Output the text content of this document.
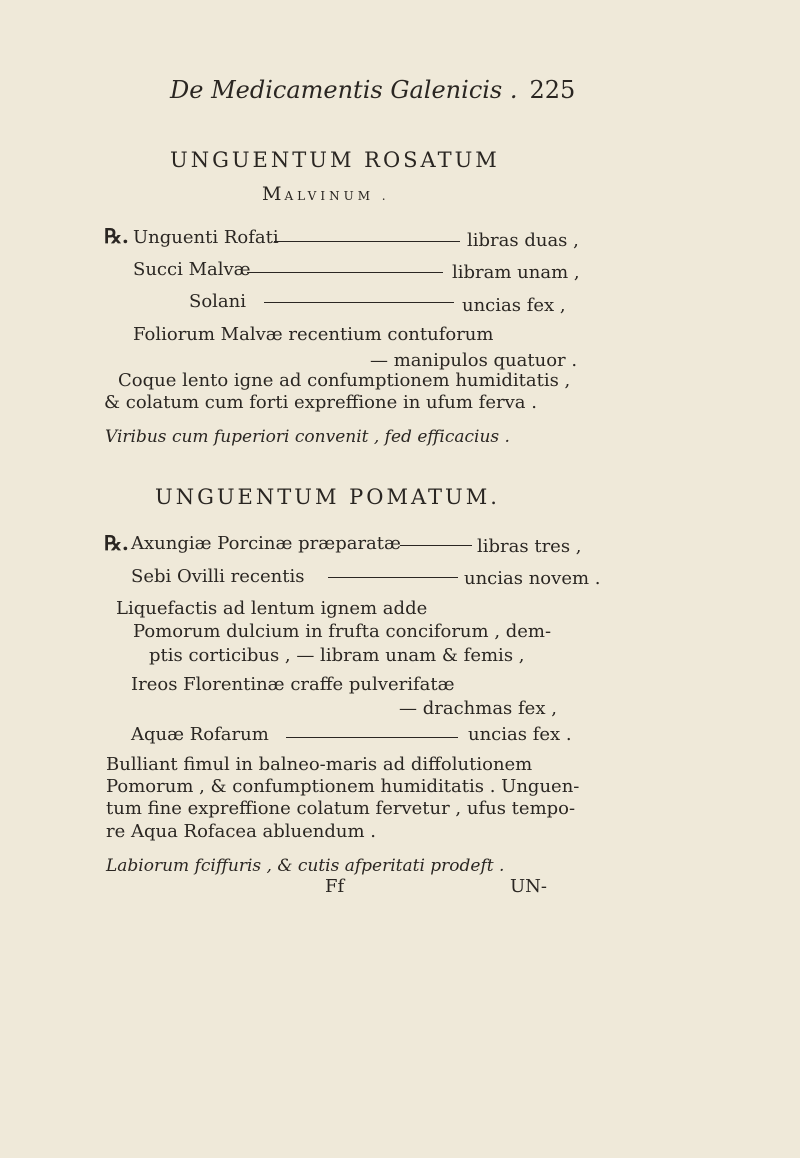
De Medicamentis Galenicis . 225
UNGUENTUM ROSATUM
MALVINUM .
℞. Unguenti Rofati	libras duas ,
Succi Malvæ	libram unam ,
Solani	uncias fex ,
Foliorum Malvæ recentium contuforum
— manipulos quatuor .
Coque lento igne ad confumptionem humiditatis ,
& colatum cum forti expreffione in ufum ferva .
Viribus cum fuperiori convenit , fed efficacius .
UNGUENTUM POMATUM.
℞. Axungiæ Porcinæ præparatæ	libras tres ,
Sebi Ovilli recentis	uncias novem .
Liquefactis ad lentum ignem adde
Pomorum dulcium in frufta conciforum , dem-
ptis corticibus , — libram unam & femis ,
Ireos Florentinæ craffe pulverifatæ
— drachmas fex ,
Aquæ Rofarum	uncias fex .
Bulliant fimul in balneo-maris ad diffolutionem
Pomorum , & confumptionem humiditatis . Unguen-
tum fine expreffione colatum fervetur , ufus tempo-
re Aqua Rofacea abluendum .
Labiorum fciffuris , & cutis afperitati prodeft .
Ff	UN-
